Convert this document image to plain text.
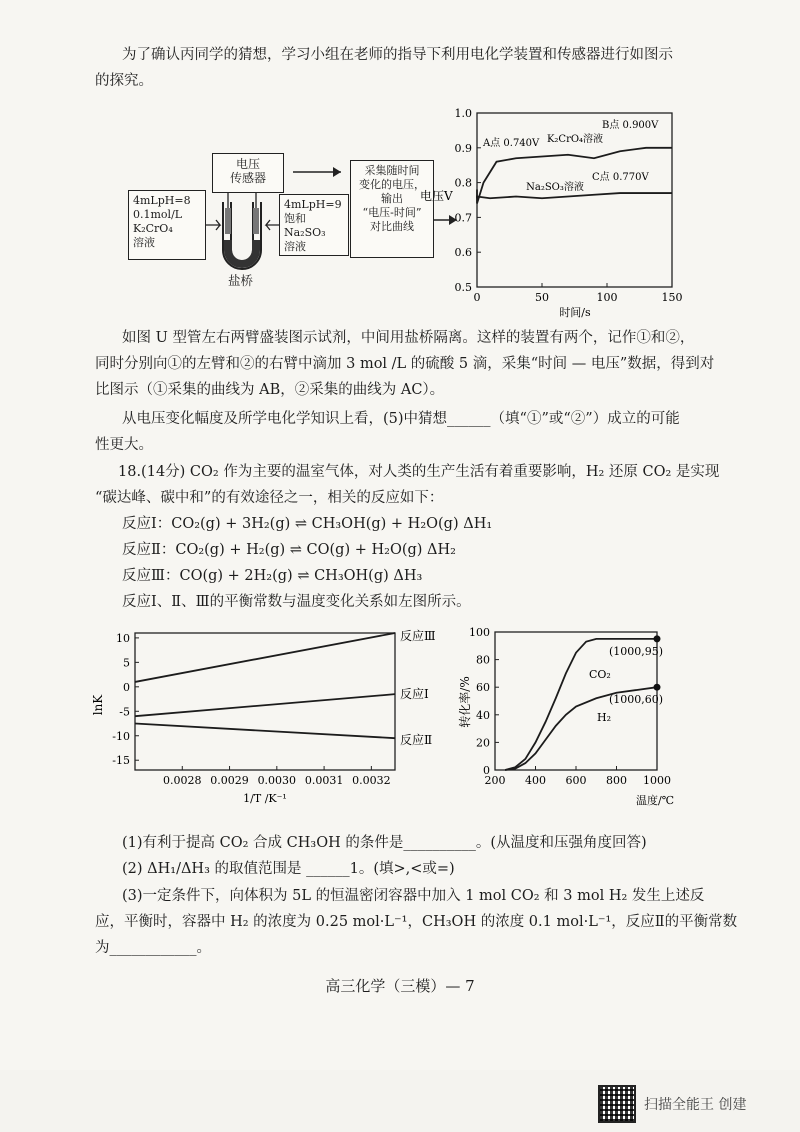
为了确认丙同学的猜想，学习小组在老师的指导下利用电化学装置和传感器进行如图示
的探究。
电压
传感器
4mLpH=8
0.1mol/L
K₂CrO₄
溶液
4mLpH=9
饱和
Na₂SO₃
溶液
盐桥
采集随时间
变化的电压，
输出
“电压-时间”
对比曲线
0	50	100	150
0.5
0.6
0.7
0.8
0.9
1.0
电压V
时间/s
K₂CrO₄溶液
Na₂SO₃溶液
A点 0.740V
B点 0.900V
C点 0.770V
如图 U 型管左右两臂盛装图示试剂，中间用盐桥隔离。这样的装置有两个，记作①和②，
同时分别向①的左臂和②的右臂中滴加 3 mol /L 的硫酸 5 滴，采集“时间 — 电压”数据，得到对
比图示（①采集的曲线为 AB，②采集的曲线为 AC）。
从电压变化幅度及所学电化学知识上看，(5)中猜想______（填“①”或“②”）成立的可能
性更大。
18.(14分) CO₂ 作为主要的温室气体，对人类的生产生活有着重要影响，H₂ 还原 CO₂ 是实现
“碳达峰、碳中和”的有效途径之一，相关的反应如下：
反应Ⅰ：CO₂(g) + 3H₂(g) ⇌ CH₃OH(g) + H₂O(g) ΔH₁
反应Ⅱ：CO₂(g) + H₂(g) ⇌ CO(g) + H₂O(g) ΔH₂
反应Ⅲ：CO(g) + 2H₂(g) ⇌ CH₃OH(g) ΔH₃
反应Ⅰ、Ⅱ、Ⅲ的平衡常数与温度变化关系如左图所示。
0.0028 0.0029 0.0030 0.0031 0.0032
10
5
0
-5
-10
-15
lnK
1/T /K⁻¹
反应Ⅲ
反应Ⅰ
反应Ⅱ
200 400 600 800 1000
0
20
40
60
80
100
转化率/%
温度/℃
CO₂
H₂
(1000,95)
(1000,60)
(1)有利于提高 CO₂ 合成 CH₃OH 的条件是__________。(从温度和压强角度回答)
(2) ΔH₁/ΔH₃ 的取值范围是 ______1。(填>,<或=)
(3)一定条件下，向体积为 5L 的恒温密闭容器中加入 1 mol CO₂ 和 3 mol H₂ 发生上述反
应，平衡时，容器中 H₂ 的浓度为 0.25 mol·L⁻¹，CH₃OH 的浓度 0.1 mol·L⁻¹，反应Ⅱ的平衡常数
为____________。
高三化学（三模）— 7
扫描全能王 创建
